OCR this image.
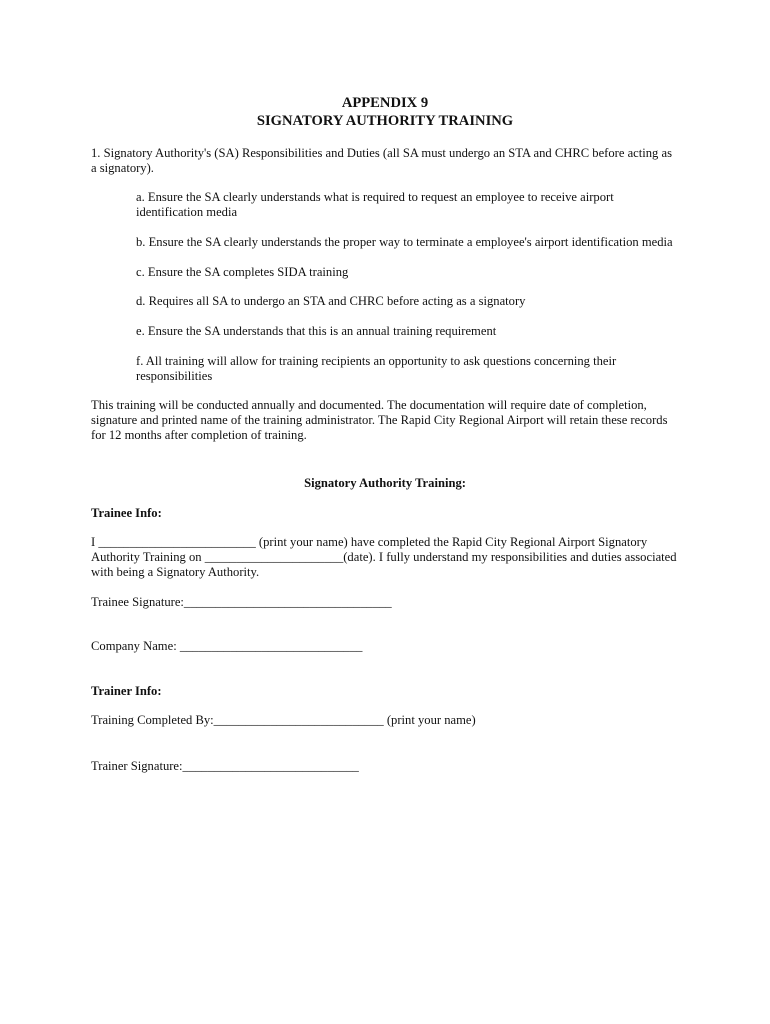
APPENDIX 9
SIGNATORY AUTHORITY TRAINING
1. Signatory Authority's (SA) Responsibilities and Duties (all SA must undergo an STA and CHRC before acting as
a signatory).
a. Ensure the SA clearly understands what is required to request an employee to receive airport
identification media
b. Ensure the SA clearly understands the proper way to terminate a employee's airport identification media
c. Ensure the SA completes SIDA training
d. Requires all SA to undergo an STA and CHRC before acting as a signatory
e. Ensure the SA understands that this is an annual training requirement
f. All training will allow for training recipients an opportunity to ask questions concerning their
responsibilities
This training will be conducted annually and documented. The documentation will require date of completion,
signature and printed name of the training administrator. The Rapid City Regional Airport will retain these records
for 12 months after completion of training.
Signatory Authority Training:
Trainee Info:
I _________________________ (print your name) have completed the Rapid City Regional Airport Signatory
Authority Training on ______________________(date). I fully understand my responsibilities and duties associated
with being a Signatory Authority.
Trainee Signature:_________________________________
Company Name: _____________________________
Trainer Info:
Training Completed By:___________________________ (print your name)
Trainer Signature:____________________________
